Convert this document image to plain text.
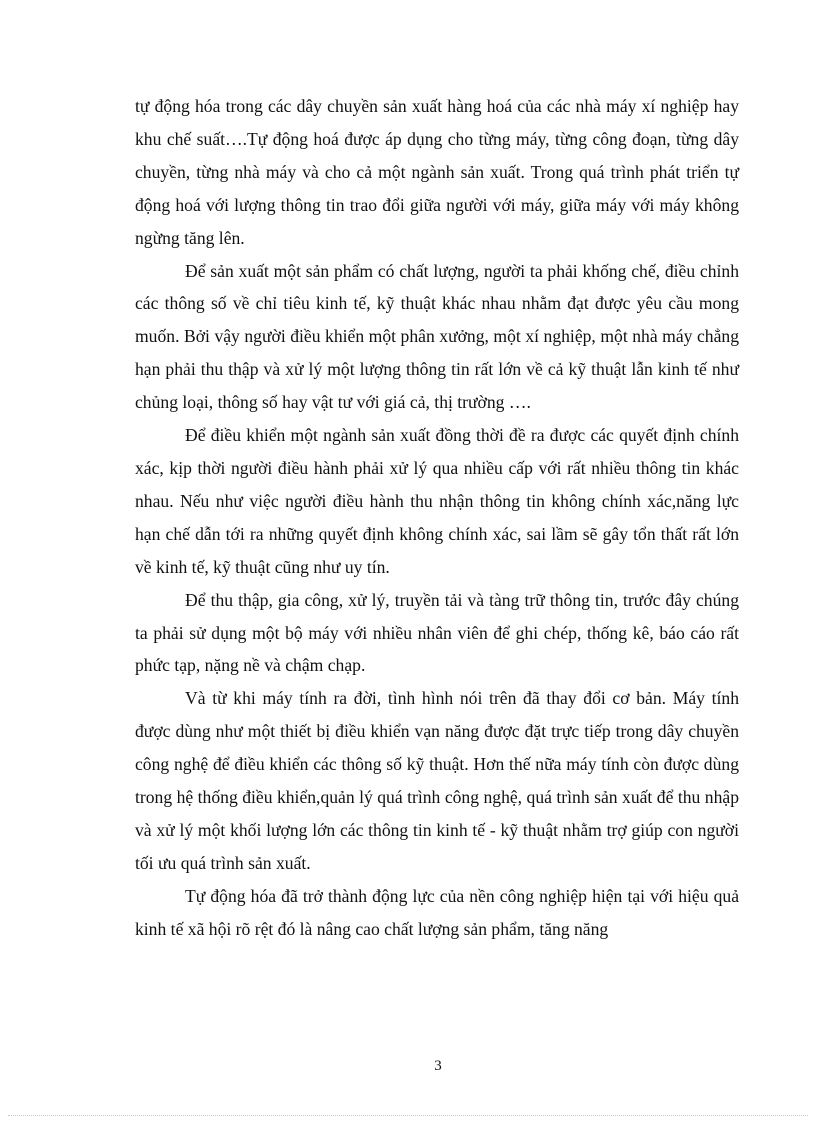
tự động hóa trong các dây chuyền sản xuất hàng hoá của các nhà máy xí nghiệp hay khu chế suất….Tự động hoá được áp dụng cho từng máy, từng công đoạn, từng dây chuyền, từng nhà máy và cho cả một ngành sản xuất. Trong quá trình phát triển tự động hoá với lượng thông tin trao đổi giữa người với máy, giữa máy với máy không ngừng tăng lên.

Để sản xuất một sản phẩm có chất lượng, người ta phải khống chế, điều chỉnh các thông số về chỉ tiêu kinh tế, kỹ thuật khác nhau nhằm đạt được yêu cầu mong muốn. Bởi vậy người điều khiển một phân xưởng, một xí nghiệp, một nhà máy chẳng hạn phải thu thập và xử lý một lượng thông tin rất lớn về cả kỹ thuật lẫn kinh tế như chủng loại, thông số hay vật tư với giá cả, thị trường ….

Để điều khiển một ngành sản xuất đồng thời đề ra được các quyết định chính xác, kịp thời người điều hành phải xử lý qua nhiều cấp với rất nhiều thông tin khác nhau. Nếu như việc người điều hành thu nhận thông tin không chính xác,năng lực hạn chế dẫn tới ra những quyết định không chính xác, sai lầm sẽ gây tổn thất rất lớn về kinh tế, kỹ thuật cũng như uy tín.

Để thu thập, gia công, xử lý, truyền tải và tàng trữ thông tin, trước đây chúng ta phải sử dụng một bộ máy với nhiều nhân viên để ghi chép, thống kê, báo cáo rất phức tạp, nặng nề và chậm chạp.

Và từ khi máy tính ra đời, tình hình nói trên đã thay đổi cơ bản. Máy tính được dùng như một thiết bị điều khiển vạn năng được đặt trực tiếp trong dây chuyền công nghệ để điều khiển các thông số kỹ thuật. Hơn thế nữa máy tính còn được dùng trong hệ thống điều khiển,quản lý quá trình công nghệ, quá trình sản xuất để thu nhập và xử lý một khối lượng lớn các thông tin kinh tế - kỹ thuật nhằm trợ giúp con người tối ưu quá trình sản xuất.

Tự động hóa đã trở thành động lực của nền công nghiệp hiện tại với hiệu quả kinh tế xã hội rõ rệt đó là nâng cao chất lượng sản phẩm, tăng năng

3
